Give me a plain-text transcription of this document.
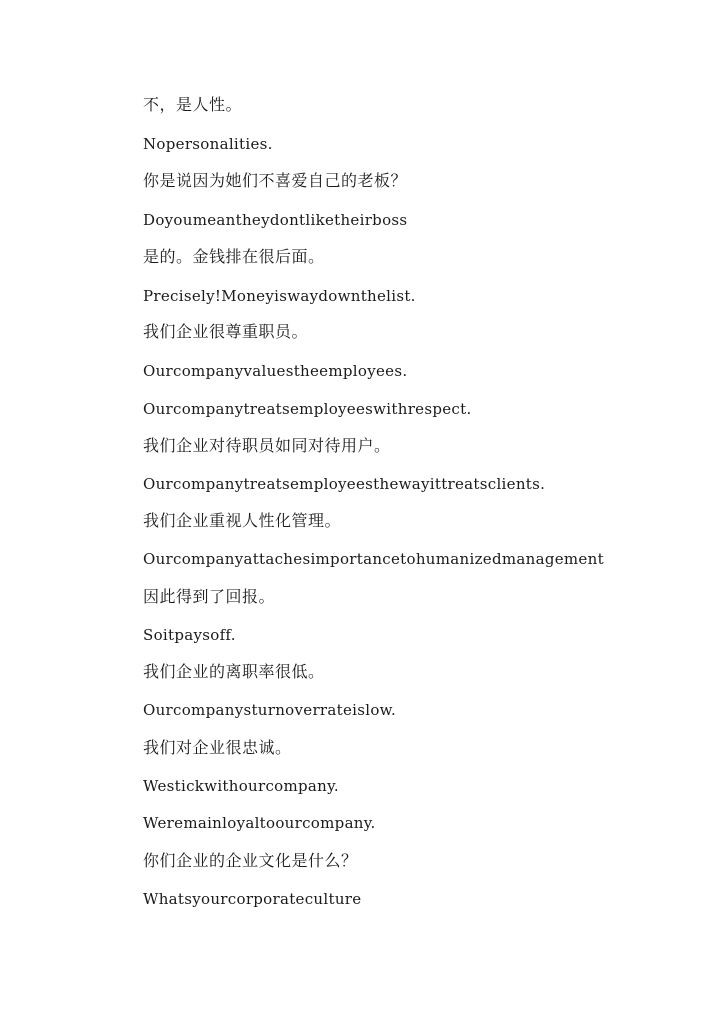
不，是人性。
Nopersonalities.
你是说因为她们不喜爱自己的老板？
Doyoumeantheydontliketheirboss
是的。金钱排在很后面。
Precisely!Moneyiswaydownthelist.
我们企业很尊重职员。
Ourcompanyvaluestheemployees.
Ourcompanytreatsemployeeswithrespect.
我们企业对待职员如同对待用户。
Ourcompanytreatsemployeesthewayittreatsclients.
我们企业重视人性化管理。
Ourcompanyattachesimportancetohumanizedmanagement
因此得到了回报。
Soitpaysoff.
我们企业的离职率很低。
Ourcompanysturnoverrateislow.
我们对企业很忠诚。
Westickwithourcompany.
Weremainloyaltoourcompany.
你们企业的企业文化是什么？
Whatsyourcorporateculture
